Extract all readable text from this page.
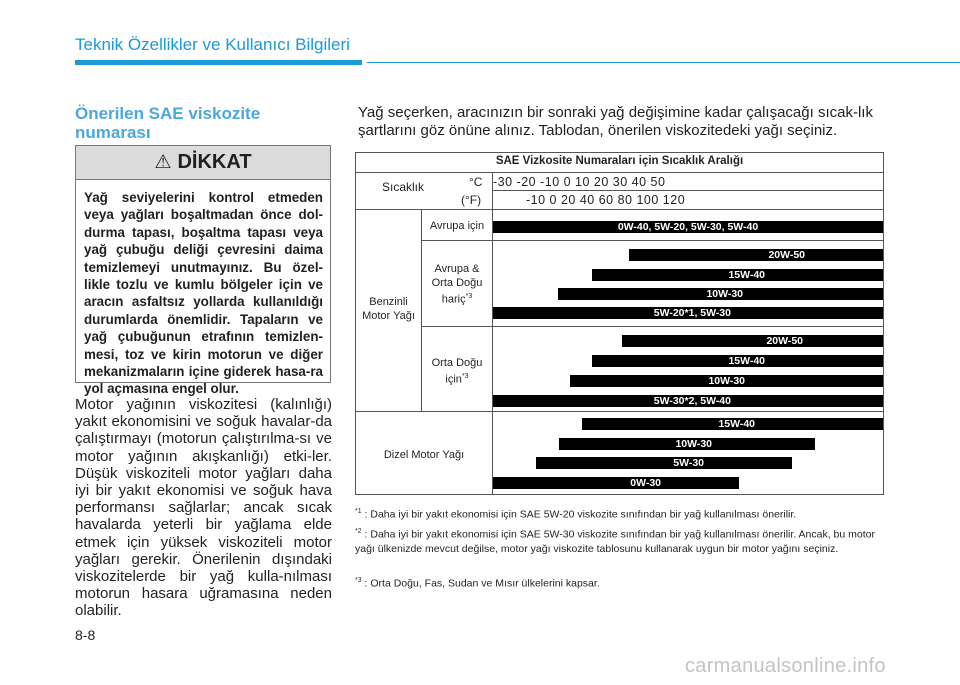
Teknik Özellikler ve Kullanıcı Bilgileri
Önerilen SAE viskozite numarası
⚠ DİKKAT
Yağ seviyelerini kontrol etmeden veya yağları boşaltmadan önce dol-durma tapası, boşaltma tapası veya yağ çubuğu deliği çevresini daima temizlemeyi unutmayınız. Bu özel-likle tozlu ve kumlu bölgeler için ve aracın asfaltsız yollarda kullanıldığı durumlarda önemlidir. Tapaların ve yağ çubuğunun etrafının temizlen-mesi, toz ve kirin motorun ve diğer mekanizmaların içine giderek hasa-ra yol açmasına engel olur.
Motor yağının viskozitesi (kalınlığı) yakıt ekonomisini ve soğuk havalar-da çalıştırmayı (motorun çalıştırılma-sı ve motor yağının akışkanlığı) etki-ler. Düşük viskoziteli motor yağları daha iyi bir yakıt ekonomisi ve soğuk hava performansı sağlarlar; ancak sıcak havalarda yeterli bir yağlama elde etmek için yüksek viskoziteli motor yağları gerekir. Önerilenin dışındaki viskozitelerde bir yağ kulla-nılması motorun hasara uğramasına neden olabilir.
Yağ seçerken, aracınızın bir sonraki yağ değişimine kadar çalışacağı sıcak-lık şartlarını göz önüne alınız. Tablodan, önerilen viskozitedeki yağı seçiniz.
SAE Vizkosite Numaraları için Sıcaklık Aralığı
Sıcaklık	°C
(°F)
-30 -20 -10 0 10 20 30 40 50
-10 0 20 40 60 80 100 120
Benzinli Motor Yağı
Avrupa için
Avrupa & Orta Doğu hariç$^{*3}$
Orta Doğu için$^{*3}$
Dizel Motor Yağı
0W-40, 5W-20, 5W-30, 5W-40
20W-50
15W-40
10W-30
5W-20*1, 5W-30
20W-50
15W-40
10W-30
5W-30*2, 5W-40
15W-40
10W-30
5W-30
0W-30
$^{*1}$ : Daha iyi bir yakıt ekonomisi için SAE 5W-20 viskozite sınıfından bir yağ kullanılması önerilir.
$^{*2}$ : Daha iyi bir yakıt ekonomisi için SAE 5W-30 viskozite sınıfından bir yağ kullanılması önerilir. Ancak, bu motor yağı ülkenizde mevcut değilse, motor yağı viskozite tablosunu kullanarak uygun bir motor yağını seçiniz.
$^{*3}$ : Orta Doğu, Fas, Sudan ve Mısır ülkelerini kapsar.
8-8
carmanualsonline.info
